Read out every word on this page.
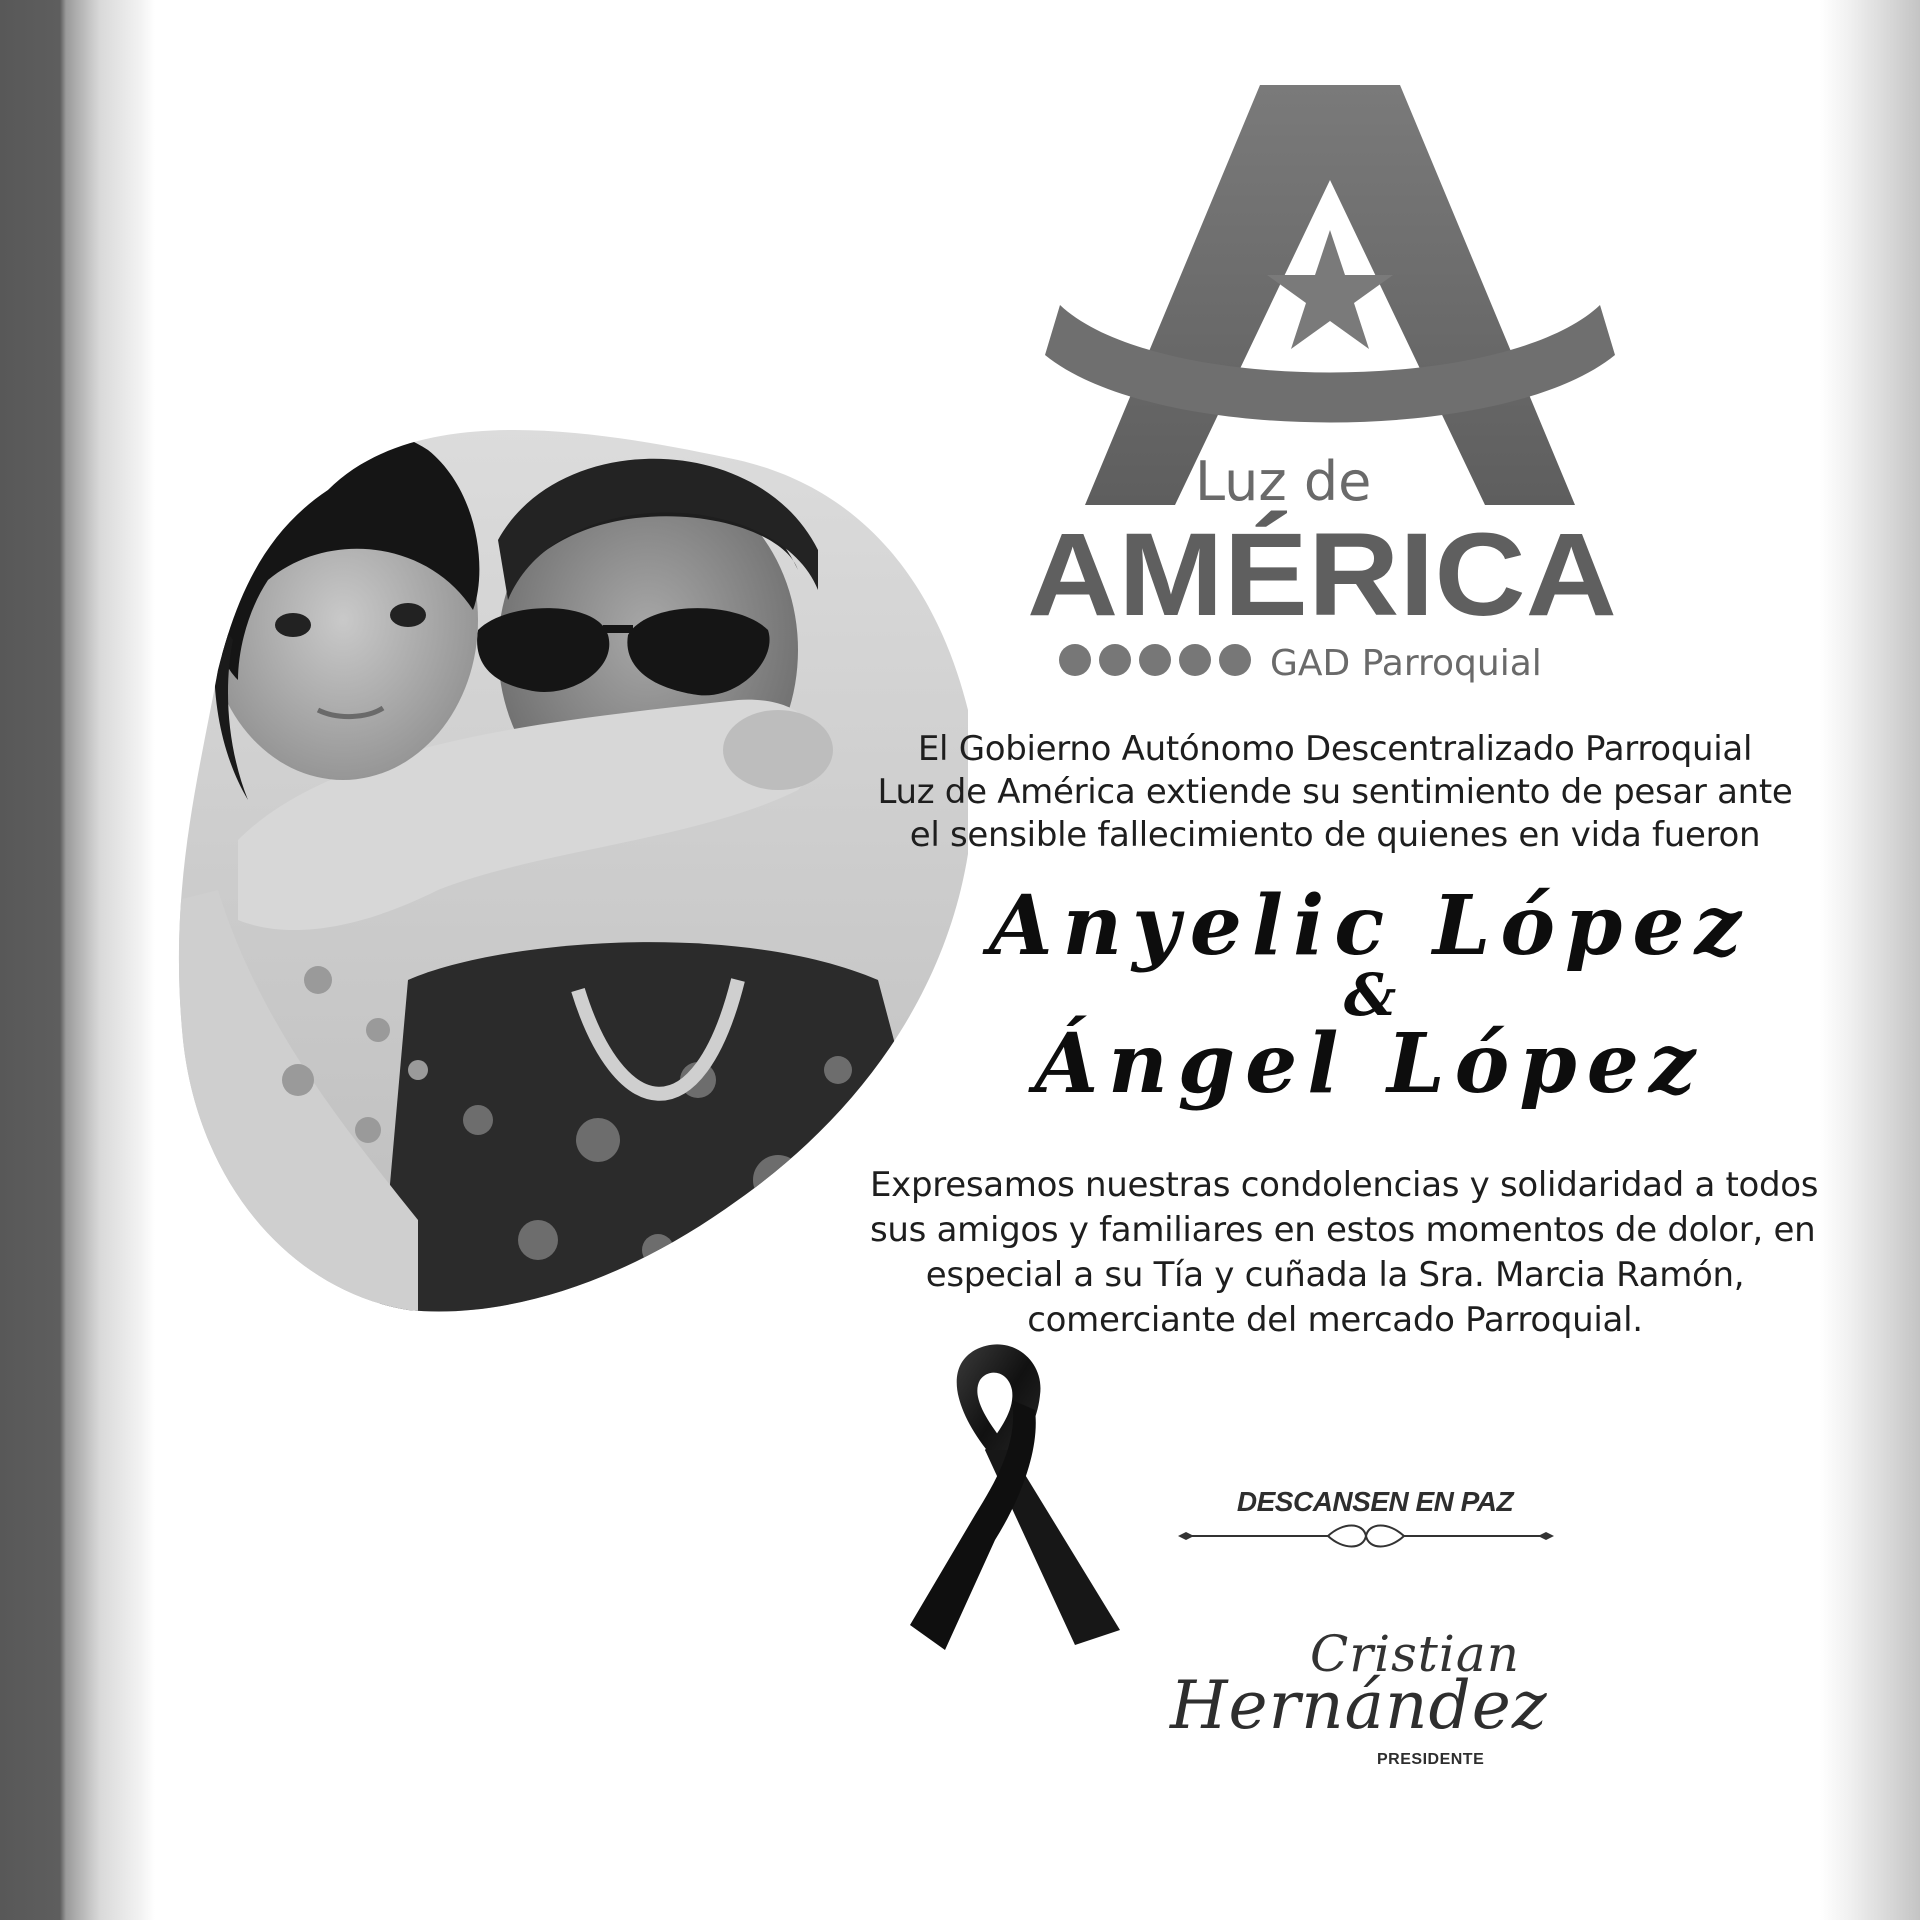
Luz de
AMÉRICA
GAD Parroquial
El Gobierno Autónomo Descentralizado Parroquial
Luz de América extiende su sentimiento de pesar ante
el sensible fallecimiento de quienes en vida fueron
Anyelic López
&
Ángel López
Expresamos nuestras condolencias y solidaridad a todos
sus amigos y familiares en estos momentos de dolor, en
especial a su Tía y cuñada la Sra. Marcia Ramón,
comerciante del mercado Parroquial.
DESCANSEN EN PAZ
Cristian
Hernández
PRESIDENTE
